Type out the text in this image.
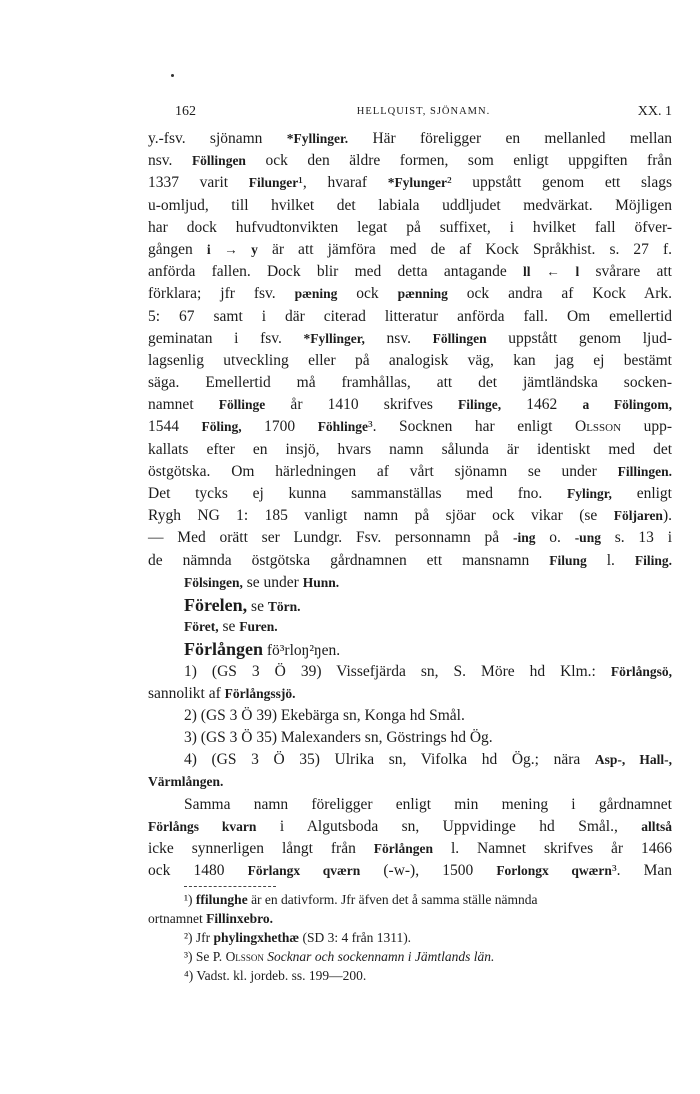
162	HELLQUIST, SJÖNAMN.	XX. 1
y.-fsv. sjönamn *Fyllinger. Här föreligger en mellanled mellan
nsv. Föllingen ock den äldre formen, som enligt uppgiften från
1337 varit Filunger¹, hvaraf *Fylunger² uppstått genom ett slags
u-omljud, till hvilket det labiala uddljudet medvärkat. Möjligen
har dock hufvudtonvikten legat på suffixet, i hvilket fall öfver-
gången i → y är att jämföra med de af Kock Språkhist. s. 27 f.
anförda fallen. Dock blir med detta antagande ll ← l svårare att
förklara; jfr fsv. pæning ock pænning ock andra af Kock Ark.
5: 67 samt i där citerad litteratur anförda fall. Om emellertid
geminatan i fsv. *Fyllinger, nsv. Föllingen uppstått genom ljud-
lagsenlig utveckling eller på analogisk väg, kan jag ej bestämt
säga. Emellertid må framhållas, att det jämtländska socken-
namnet Föllinge år 1410 skrifves Filinge, 1462 a Fölingom,
1544 Föling, 1700 Föhlinge³. Socknen har enligt Olsson upp-
kallats efter en insjö, hvars namn sålunda är identiskt med det
östgötska. Om härledningen af vårt sjönamn se under Fillingen.
Det tycks ej kunna sammanställas med fno. Fylingr, enligt
Rygh NG 1: 185 vanligt namn på sjöar ock vikar (se Följaren).
— Med orätt ser Lundgr. Fsv. personnamn på -ing o. -ung s. 13 i
de nämnda östgötska gårdnamnen ett mansnamn Filung l. Filing.
Fölsingen, se under Hunn.
Förelen, se Törn.
Föret, se Furen.
Förlången fö³rloŋ²ŋen.
1) (GS 3 Ö 39) Vissefjärda sn, S. Möre hd Klm.: Förlångsö,
sannolikt af Förlångssjö.
2) (GS 3 Ö 39) Ekebärga sn, Konga hd Smål.
3) (GS 3 Ö 35) Malexanders sn, Göstrings hd Ög.
4) (GS 3 Ö 35) Ulrika sn, Vifolka hd Ög.; nära Asp-, Hall-,
Värmlången.
Samma namn föreligger enligt min mening i gårdnamnet
Förlångs kvarn i Algutsboda sn, Uppvidinge hd Smål., alltså
icke synnerligen långt från Förlången l. Namnet skrifves år 1466
ock 1480 Förlangx qværn (-w-), 1500 Forlongx qwærn³. Man
¹) ffilunghe är en dativform. Jfr äfven det å samma ställe nämnda
ortnamnet Fillinxebro.
²) Jfr phylingxhethæ (SD 3: 4 från 1311).
³) Se P. Olsson Socknar och sockennamn i Jämtlands län.
⁴) Vadst. kl. jordeb. ss. 199—200.
